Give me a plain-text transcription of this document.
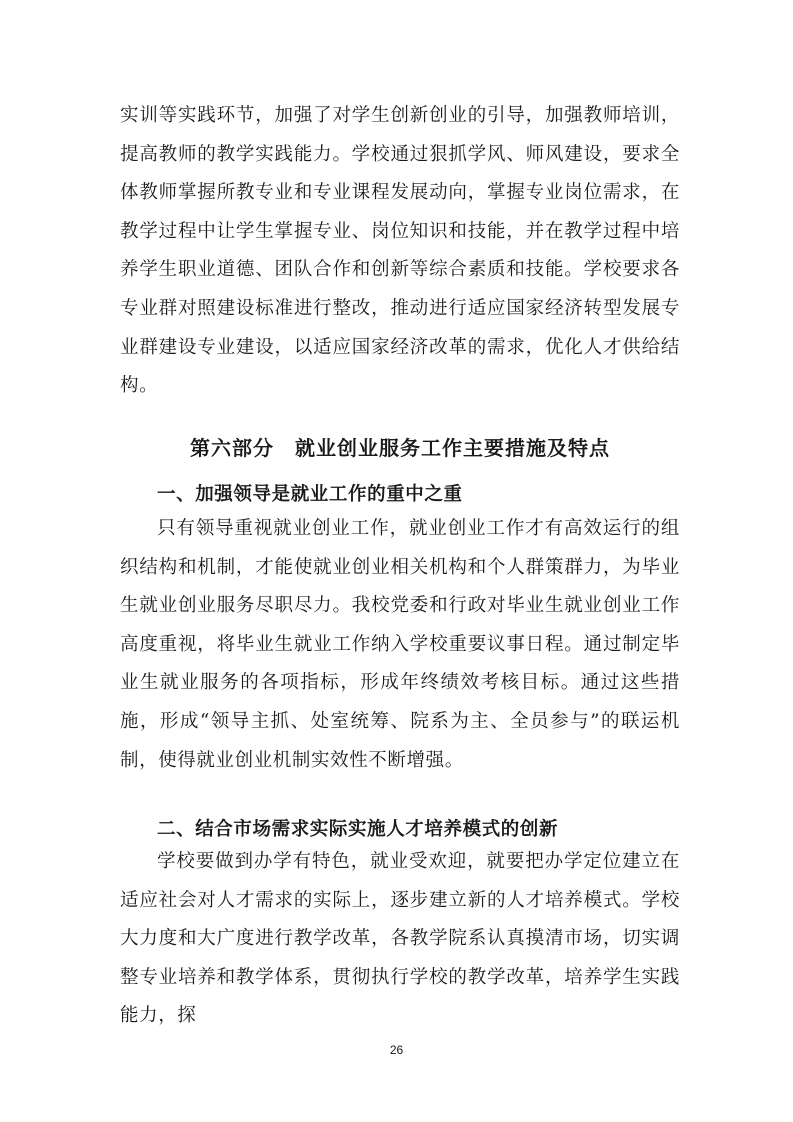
实训等实践环节，加强了对学生创新创业的引导，加强教师培训，提高教师的教学实践能力。学校通过狠抓学风、师风建设，要求全体教师掌握所教专业和专业课程发展动向，掌握专业岗位需求，在教学过程中让学生掌握专业、岗位知识和技能，并在教学过程中培养学生职业道德、团队合作和创新等综合素质和技能。学校要求各专业群对照建设标准进行整改，推动进行适应国家经济转型发展专业群建设专业建设，以适应国家经济改革的需求，优化人才供给结构。

第六部分　就业创业服务工作主要措施及特点
一、加强领导是就业工作的重中之重

只有领导重视就业创业工作，就业创业工作才有高效运行的组织结构和机制，才能使就业创业相关机构和个人群策群力，为毕业生就业创业服务尽职尽力。我校党委和行政对毕业生就业创业工作高度重视，将毕业生就业工作纳入学校重要议事日程。通过制定毕业生就业服务的各项指标，形成年终绩效考核目标。通过这些措施，形成“领导主抓、处室统筹、院系为主、全员参与”的联运机制，使得就业创业机制实效性不断增强。

二、结合市场需求实际实施人才培养模式的创新

学校要做到办学有特色，就业受欢迎，就要把办学定位建立在适应社会对人才需求的实际上，逐步建立新的人才培养模式。学校大力度和大广度进行教学改革，各教学院系认真摸清市场，切实调整专业培养和教学体系，贯彻执行学校的教学改革，培养学生实践能力，探

26
